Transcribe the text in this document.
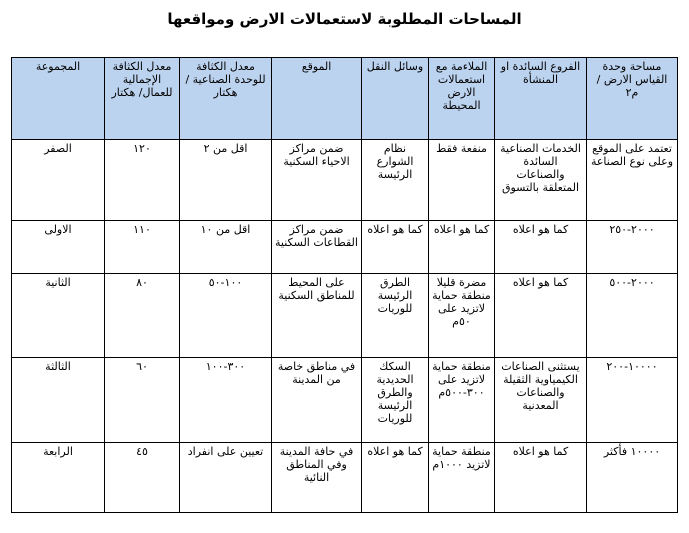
المساحات المطلوبة لاستعمالات الارض ومواقعها
مساحة وحدة القياس الارض / م٢	الفروع السائدة او المنشأة	الملاءمة مع استعمالات الارض المحيطة	وسائل النقل	الموقع	معدل الكثافة للوحدة الصناعية / هكتار	معدل الكثافة الإجمالية للعمال/ هكتار	المجموعة
تعتمد على الموقع وعلى نوع الصناعة	الخدمات الصناعية السائدة والصناعات المتعلقة بالتسوق	منفعة فقط	نظام الشوارع الرئيسة	ضمن مراكز الاحياء السكنية	اقل من ٢	١٢٠	الصفر
٢٠٠٠-٢٥٠	كما هو اعلاه	كما هو اعلاه	كما هو اعلاه	ضمن مراكز القطاعات السكنية	اقل من ١٠	١١٠	الاولى
٢٠٠٠-٥٠٠	كما هو اعلاه	مضرة قليلا منطقة حماية لاتزيد على ٥٠م	الطرق الرئيسة للوريات	على المحيط للمناطق السكنية	١٠٠-٥٠	٨٠	الثانية
١٠٠٠٠-٢٠٠	يستثنى الصناعات الكيمياوية الثقيلة والصناعات المعدنية	منطقة حماية لاتزيد على ٣٠٠-٥٠٠م	السكك الحديدية والطرق الرئيسة للوريات	في مناطق خاصة من المدينة	٣٠٠-١٠٠	٦٠	الثالثة
١٠٠٠٠ فأكثر	كما هو اعلاه	منطقة حماية لاتزيد ١٠٠٠م	كما هو اعلاه	في حافة المدينة وفي المناطق النائية	تعيين على انفراد	٤٥	الرابعة
